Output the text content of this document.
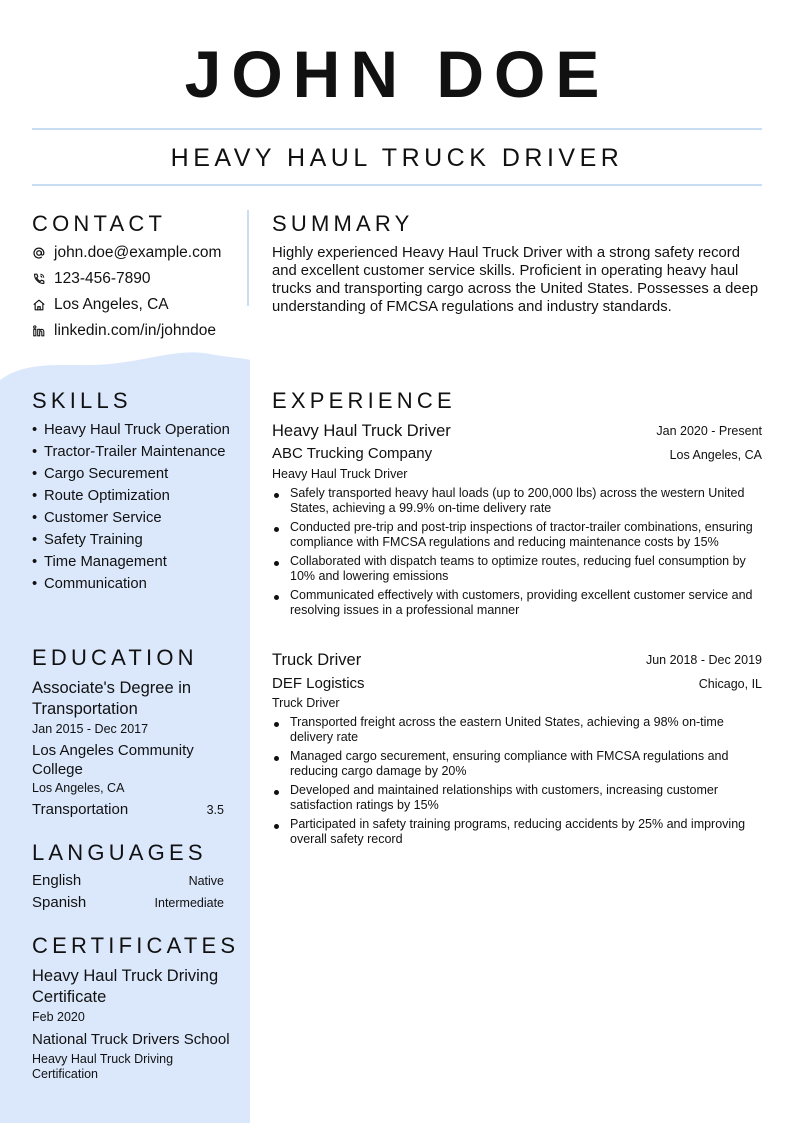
JOHN DOE
HEAVY HAUL TRUCK DRIVER
CONTACT
john.doe@example.com
123-456-7890
Los Angeles, CA
linkedin.com/in/johndoe
SUMMARY
Highly experienced Heavy Haul Truck Driver with a strong safety record and excellent customer service skills. Proficient in operating heavy haul trucks and transporting cargo across the United States. Possesses a deep understanding of FMCSA regulations and industry standards.
SKILLS
• Heavy Haul Truck Operation
• Tractor-Trailer Maintenance
• Cargo Securement
• Route Optimization
• Customer Service
• Safety Training
• Time Management
• Communication
EDUCATION
Associate's Degree in Transportation
Jan 2015 - Dec 2017
Los Angeles Community College
Los Angeles, CA
Transportation	3.5
LANGUAGES
English	Native
Spanish	Intermediate
CERTIFICATES
Heavy Haul Truck Driving Certificate
Feb 2020
National Truck Drivers School
Heavy Haul Truck Driving Certification
EXPERIENCE
Heavy Haul Truck Driver	Jan 2020 - Present
ABC Trucking Company	Los Angeles, CA
Heavy Haul Truck Driver
Safely transported heavy haul loads (up to 200,000 lbs) across the western United States, achieving a 99.9% on-time delivery rate
Conducted pre-trip and post-trip inspections of tractor-trailer combinations, ensuring compliance with FMCSA regulations and reducing maintenance costs by 15%
Collaborated with dispatch teams to optimize routes, reducing fuel consumption by 10% and lowering emissions
Communicated effectively with customers, providing excellent customer service and resolving issues in a professional manner
Truck Driver	Jun 2018 - Dec 2019
DEF Logistics	Chicago, IL
Truck Driver
Transported freight across the eastern United States, achieving a 98% on-time delivery rate
Managed cargo securement, ensuring compliance with FMCSA regulations and reducing cargo damage by 20%
Developed and maintained relationships with customers, increasing customer satisfaction ratings by 15%
Participated in safety training programs, reducing accidents by 25% and improving overall safety record
